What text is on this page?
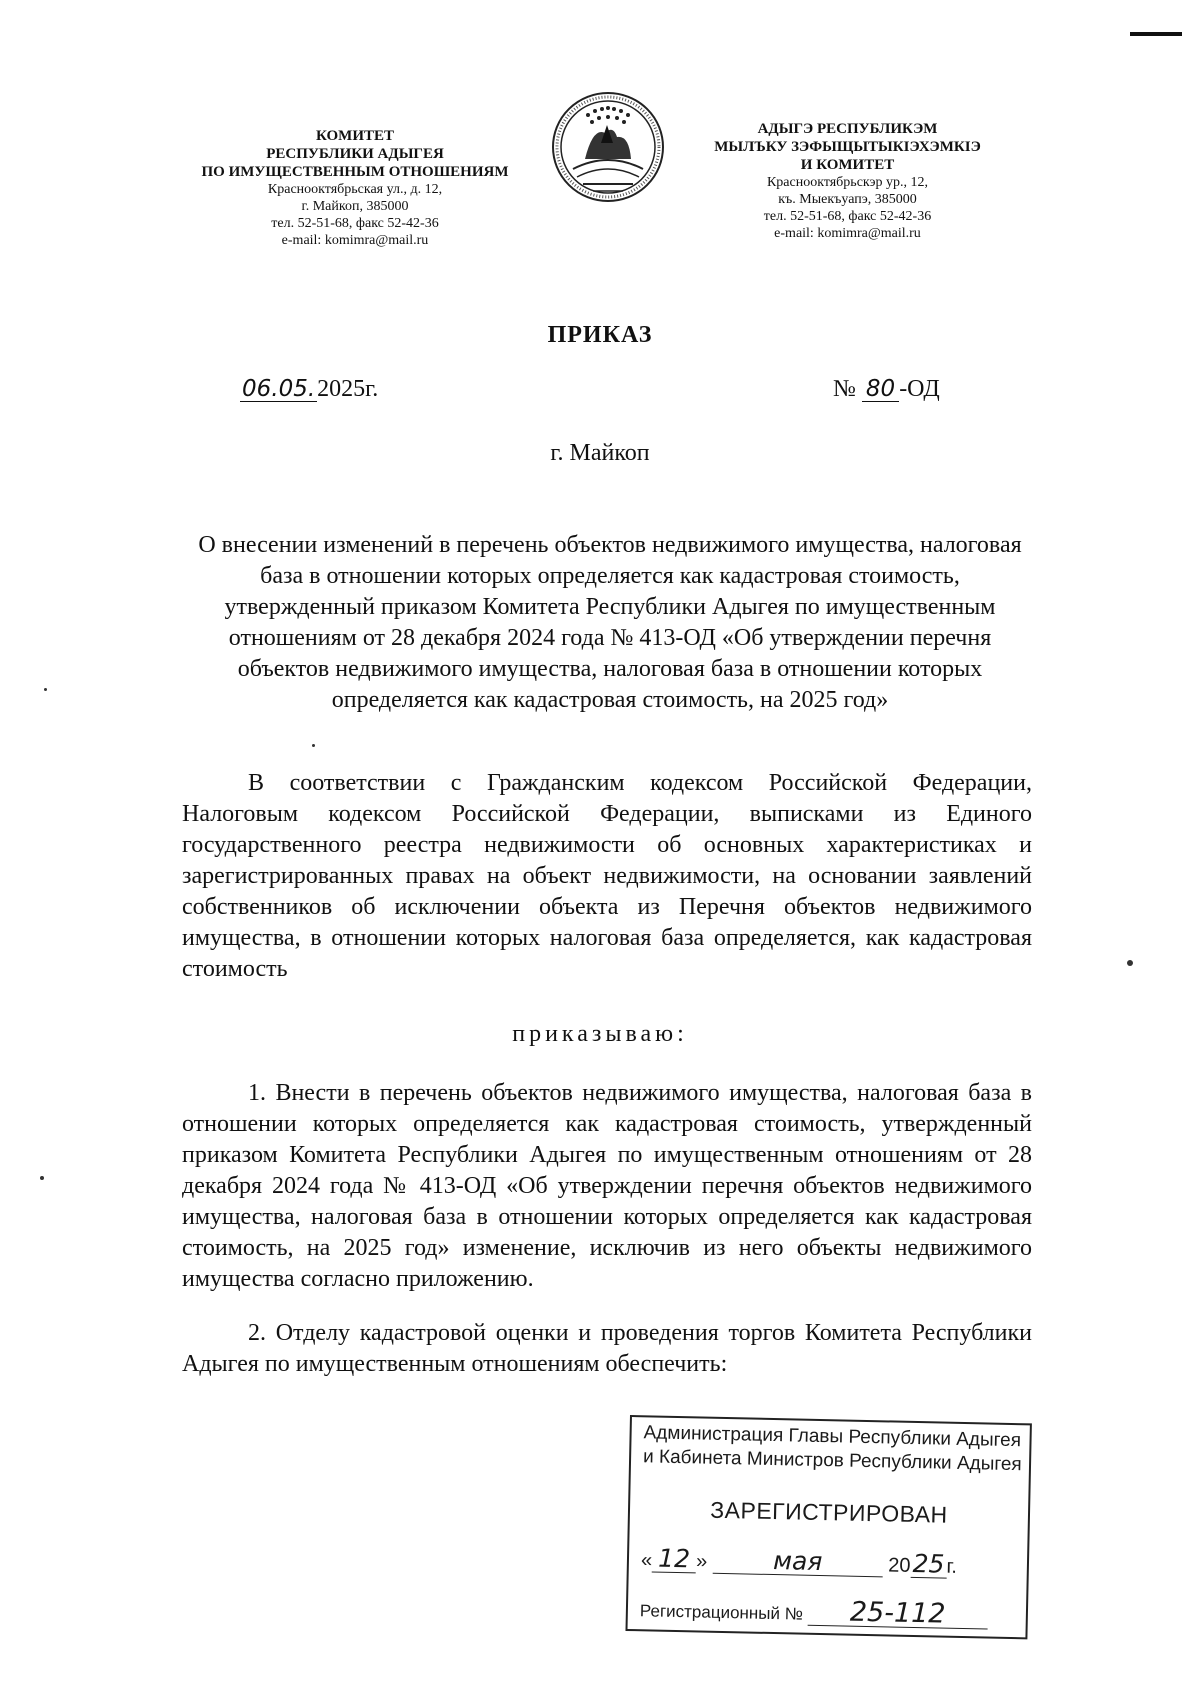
КОМИТЕТ
РЕСПУБЛИКИ АДЫГЕЯ
ПО ИМУЩЕСТВЕННЫМ ОТНОШЕНИЯМ
Краснооктябрьская ул., д. 12,
г. Майкоп, 385000
тел. 52-51-68, факс 52-42-36
e-mail: komimra@mail.ru
АДЫГЭ РЕСПУБЛИКЭМ
МЫЛЪКУ ЗЭФЫЩЫТЫКIЭХЭМКIЭ
И КОМИТЕТ
Краснооктябрьскэр ур., 12,
къ. Мыекъуапэ, 385000
тел. 52-51-68, факс 52-42-36
e-mail: komimra@mail.ru
ПРИКАЗ
06.05.2025г.	№ 80 -ОД
г. Майкоп
О внесении изменений в перечень объектов недвижимого имущества, налоговая база в отношении которых определяется как кадастровая стоимость, утвержденный приказом Комитета Республики Адыгея по имущественным отношениям от 28 декабря 2024 года № 413-ОД «Об утверждении перечня объектов недвижимого имущества, налоговая база в отношении которых определяется как кадастровая стоимость, на 2025 год»
В соответствии с Гражданским кодексом Российской Федерации, Налоговым кодексом Российской Федерации, выписками из Единого государственного реестра недвижимости об основных характеристиках и зарегистрированных правах на объект недвижимости, на основании заявлений собственников об исключении объекта из Перечня объектов недвижимого имущества, в отношении которых налоговая база определяется, как кадастровая стоимость
приказываю:
1. Внести в перечень объектов недвижимого имущества, налоговая база в отношении которых определяется как кадастровая стоимость, утвержденный приказом Комитета Республики Адыгея по имущественным отношениям от 28 декабря 2024 года № 413-ОД «Об утверждении перечня объектов недвижимого имущества, налоговая база в отношении которых определяется как кадастровая стоимость, на 2025 год» изменение, исключив из него объекты недвижимого имущества согласно приложению.
2. Отделу кадастровой оценки и проведения торгов Комитета Республики Адыгея по имущественным отношениям обеспечить:
Администрация Главы Республики Адыгея
и Кабинета Министров Республики Адыгея
ЗАРЕГИСТРИРОВАН
« 12 »	мая	2025г.
Регистрационный № 25-112
